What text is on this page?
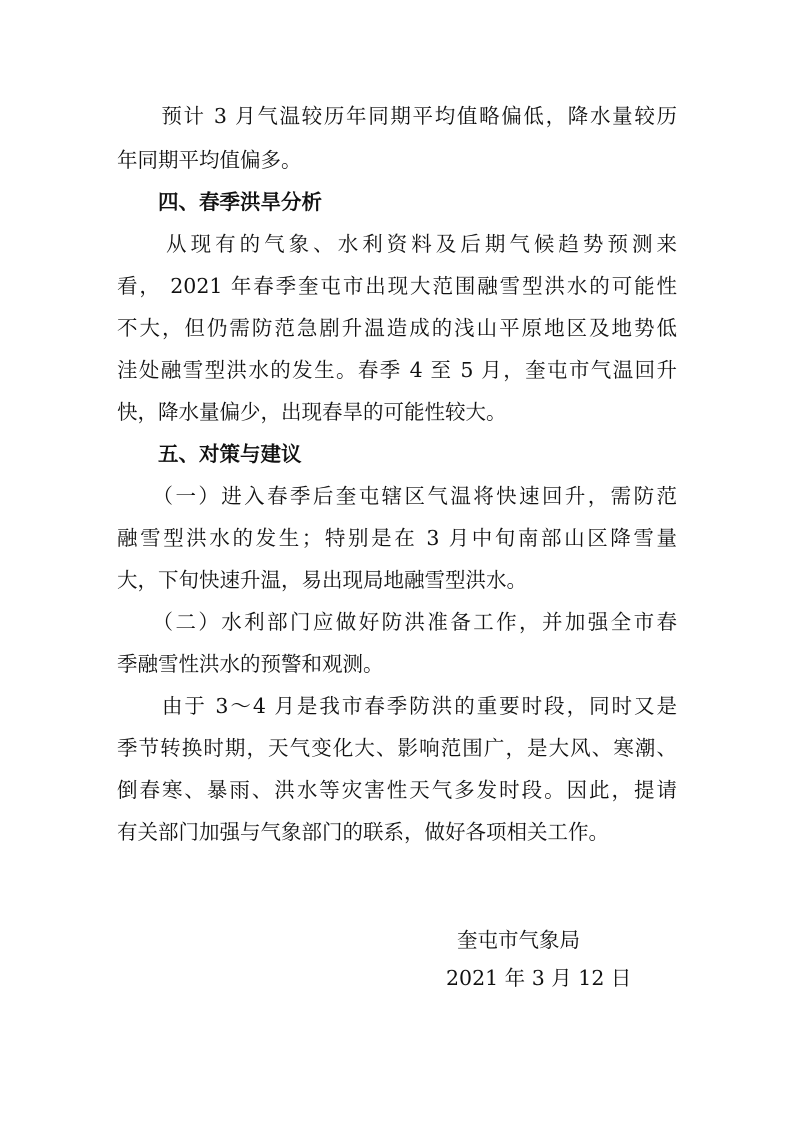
　　预计 3 月气温较历年同期平均值略偏低，降水量较历
年同期平均值偏多。
　　四、春季洪旱分析
　　从现有的气象、水利资料及后期气候趋势预测来
看， 2021 年春季奎屯市出现大范围融雪型洪水的可能性
不大，但仍需防范急剧升温造成的浅山平原地区及地势低
洼处融雪型洪水的发生。春季 4 至 5 月，奎屯市气温回升
快，降水量偏少，出现春旱的可能性较大。
　　五、对策与建议
　　（一）进入春季后奎屯辖区气温将快速回升，需防范
融雪型洪水的发生；特别是在 3 月中旬南部山区降雪量
大，下旬快速升温，易出现局地融雪型洪水。
　　（二）水利部门应做好防洪准备工作，并加强全市春
季融雪性洪水的预警和观测。
　　由于 3～4 月是我市春季防洪的重要时段，同时又是
季节转换时期，天气变化大、影响范围广，是大风、寒潮、
倒春寒、暴雨、洪水等灾害性天气多发时段。因此，提请
有关部门加强与气象部门的联系，做好各项相关工作。
奎屯市气象局
2021 年 3 月 12 日
